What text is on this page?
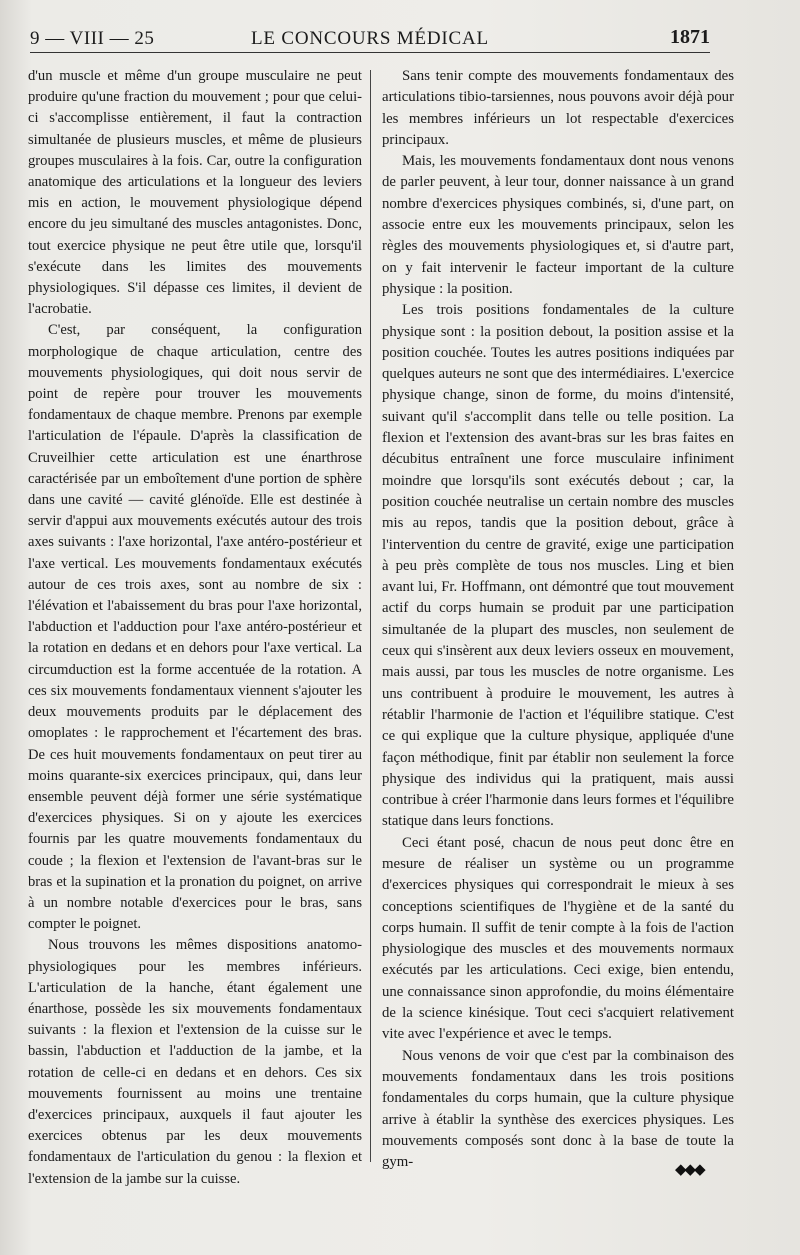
9 — VIII — 25	LE CONCOURS MÉDICAL	1871

d'un muscle et même d'un groupe musculaire ne peut produire qu'une fraction du mouvement ; pour que celui-ci s'accomplisse entièrement, il faut la contraction simultanée de plusieurs muscles, et même de plusieurs groupes musculaires à la fois. Car, outre la configuration anatomique des articulations et la longueur des leviers mis en action, le mouvement physiologique dépend encore du jeu simultané des muscles antagonistes. Donc, tout exercice physique ne peut être utile que, lorsqu'il s'exécute dans les limites des mouvements physiologiques. S'il dépasse ces limites, il devient de l'acrobatie.

C'est, par conséquent, la configuration morphologique de chaque articulation, centre des mouvements physiologiques, qui doit nous servir de point de repère pour trouver les mouvements fondamentaux de chaque membre. Prenons par exemple l'articulation de l'épaule. D'après la classification de Cruveilhier cette articulation est une énarthrose caractérisée par un emboîtement d'une portion de sphère dans une cavité — cavité glénoïde. Elle est destinée à servir d'appui aux mouvements exécutés autour des trois axes suivants : l'axe horizontal, l'axe antéro-postérieur et l'axe vertical. Les mouvements fondamentaux exécutés autour de ces trois axes, sont au nombre de six : l'élévation et l'abaissement du bras pour l'axe horizontal, l'abduction et l'adduction pour l'axe antéro-postérieur et la rotation en dedans et en dehors pour l'axe vertical. La circumduction est la forme accentuée de la rotation. A ces six mouvements fondamentaux viennent s'ajouter les deux mouvements produits par le déplacement des omoplates : le rapprochement et l'écartement des bras. De ces huit mouvements fondamentaux on peut tirer au moins quarante-six exercices principaux, qui, dans leur ensemble peuvent déjà former une série systématique d'exercices physiques. Si on y ajoute les exercices fournis par les quatre mouvements fondamentaux du coude ; la flexion et l'extension de l'avant-bras sur le bras et la supination et la pronation du poignet, on arrive à un nombre notable d'exercices pour le bras, sans compter le poignet.

Nous trouvons les mêmes dispositions anatomo-physiologiques pour les membres inférieurs. L'articulation de la hanche, étant également une énarthose, possède les six mouvements fondamentaux suivants : la flexion et l'extension de la cuisse sur le bassin, l'abduction et l'adduction de la jambe, et la rotation de celle-ci en dedans et en dehors. Ces six mouvements fournissent au moins une trentaine d'exercices principaux, auxquels il faut ajouter les exercices obtenus par les deux mouvements fondamentaux de l'articulation du genou : la flexion et l'extension de la jambe sur la cuisse.

Sans tenir compte des mouvements fondamentaux des articulations tibio-tarsiennes, nous pouvons avoir déjà pour les membres inférieurs un lot respectable d'exercices principaux.

Mais, les mouvements fondamentaux dont nous venons de parler peuvent, à leur tour, donner naissance à un grand nombre d'exercices physiques combinés, si, d'une part, on associe entre eux les mouvements principaux, selon les règles des mouvements physiologiques et, si d'autre part, on y fait intervenir le facteur important de la culture physique : la position.

Les trois positions fondamentales de la culture physique sont : la position debout, la position assise et la position couchée. Toutes les autres positions indiquées par quelques auteurs ne sont que des intermédiaires. L'exercice physique change, sinon de forme, du moins d'intensité, suivant qu'il s'accomplit dans telle ou telle position. La flexion et l'extension des avant-bras sur les bras faites en décubitus entraînent une force musculaire infiniment moindre que lorsqu'ils sont exécutés debout ; car, la position couchée neutralise un certain nombre des muscles mis au repos, tandis que la position debout, grâce à l'intervention du centre de gravité, exige une participation à peu près complète de tous nos muscles. Ling et bien avant lui, Fr. Hoffmann, ont démontré que tout mouvement actif du corps humain se produit par une participation simultanée de la plupart des muscles, non seulement de ceux qui s'insèrent aux deux leviers osseux en mouvement, mais aussi, par tous les muscles de notre organisme. Les uns contribuent à produire le mouvement, les autres à rétablir l'harmonie de l'action et l'équilibre statique. C'est ce qui explique que la culture physique, appliquée d'une façon méthodique, finit par établir non seulement la force physique des individus qui la pratiquent, mais aussi contribue à créer l'harmonie dans leurs formes et l'équilibre statique dans leurs fonctions.

Ceci étant posé, chacun de nous peut donc être en mesure de réaliser un système ou un programme d'exercices physiques qui correspondrait le mieux à ses conceptions scientifiques de l'hygiène et de la santé du corps humain. Il suffit de tenir compte à la fois de l'action physiologique des muscles et des mouvements normaux exécutés par les articulations. Ceci exige, bien entendu, une connaissance sinon approfondie, du moins élémentaire de la science kinésique. Tout ceci s'acquiert relativement vite avec l'expérience et avec le temps.

Nous venons de voir que c'est par la combinaison des mouvements fondamentaux dans les trois positions fondamentales du corps humain, que la culture physique arrive à établir la synthèse des exercices physiques. Les mouvements composés sont donc à la base de toute la gym-	◆◆◆
